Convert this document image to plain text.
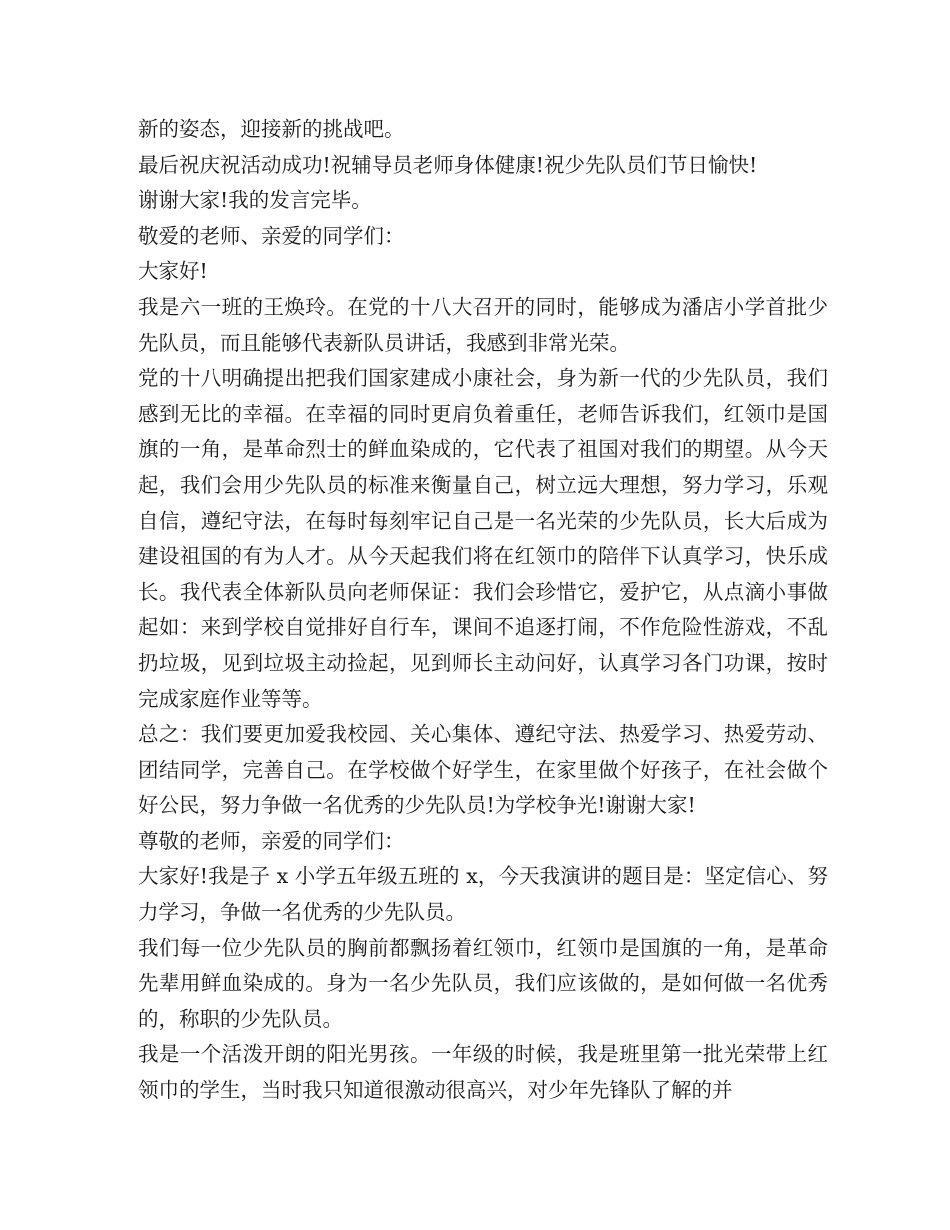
新的姿态，迎接新的挑战吧。

最后祝庆祝活动成功!祝辅导员老师身体健康!祝少先队员们节日愉快!

谢谢大家!我的发言完毕。

敬爱的老师、亲爱的同学们：

大家好!

我是六一班的王焕玲。在党的十八大召开的同时，能够成为潘店小学首批少先队员，而且能够代表新队员讲话，我感到非常光荣。

党的十八明确提出把我们国家建成小康社会，身为新一代的少先队员，我们感到无比的幸福。在幸福的同时更肩负着重任，老师告诉我们，红领巾是国旗的一角，是革命烈士的鲜血染成的，它代表了祖国对我们的期望。从今天起，我们会用少先队员的标准来衡量自己，树立远大理想，努力学习，乐观自信，遵纪守法，在每时每刻牢记自己是一名光荣的少先队员，长大后成为建设祖国的有为人才。从今天起我们将在红领巾的陪伴下认真学习，快乐成长。我代表全体新队员向老师保证：我们会珍惜它，爱护它，从点滴小事做起如：来到学校自觉排好自行车，课间不追逐打闹，不作危险性游戏，不乱扔垃圾，见到垃圾主动捡起，见到师长主动问好，认真学习各门功课，按时完成家庭作业等等。

总之：我们要更加爱我校园、关心集体、遵纪守法、热爱学习、热爱劳动、团结同学，完善自己。在学校做个好学生，在家里做个好孩子，在社会做个好公民，努力争做一名优秀的少先队员!为学校争光!谢谢大家!

尊敬的老师，亲爱的同学们：

大家好!我是子 x 小学五年级五班的 x，今天我演讲的题目是：坚定信心、努力学习，争做一名优秀的少先队员。

我们每一位少先队员的胸前都飘扬着红领巾，红领巾是国旗的一角，是革命先辈用鲜血染成的。身为一名少先队员，我们应该做的，是如何做一名优秀的，称职的少先队员。

我是一个活泼开朗的阳光男孩。一年级的时候，我是班里第一批光荣带上红领巾的学生，当时我只知道很激动很高兴，对少年先锋队了解的并
